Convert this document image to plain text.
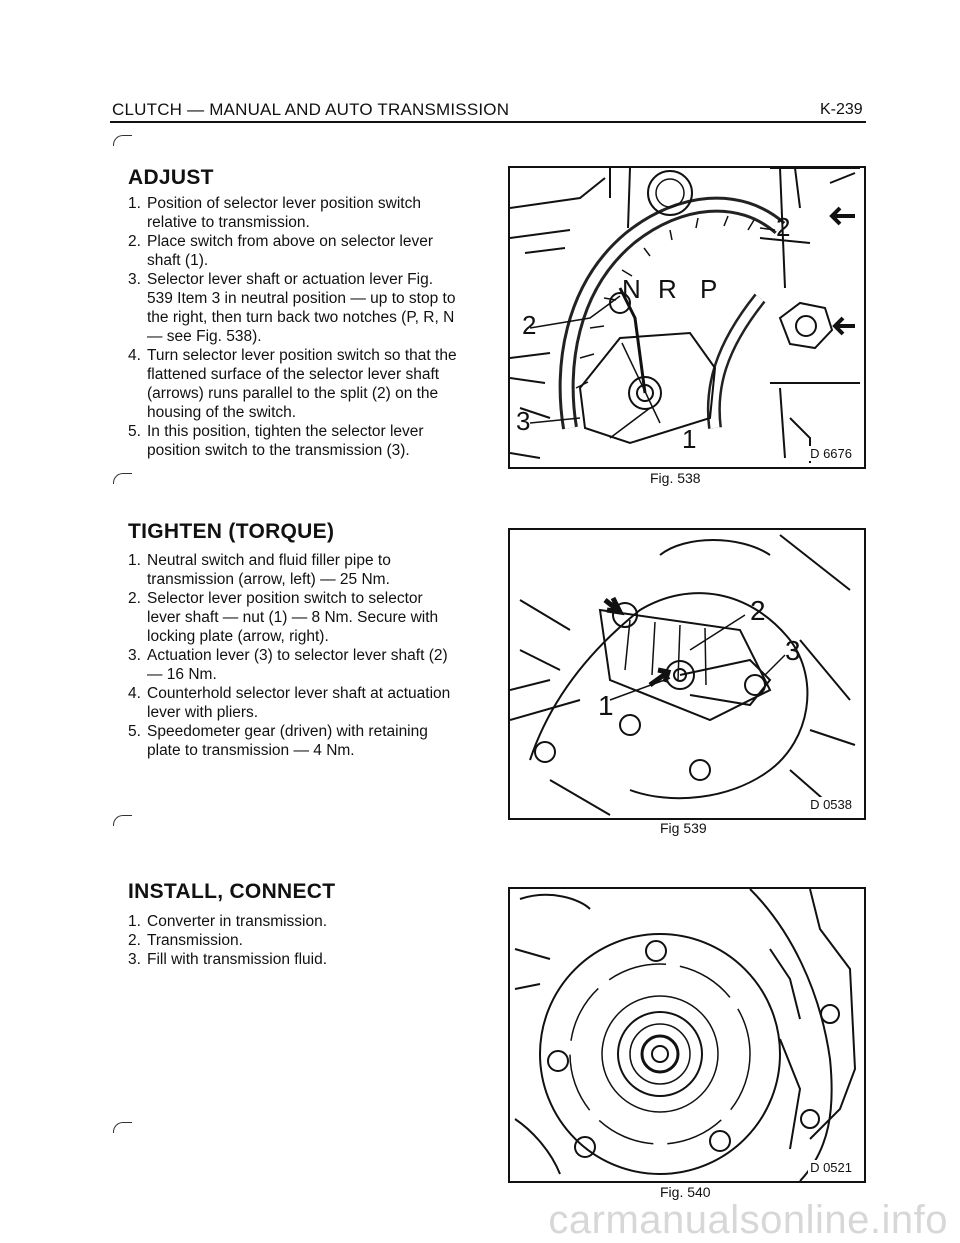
CLUTCH — MANUAL AND AUTO TRANSMISSION	K-239
ADJUST
1. Position of selector lever position switch relative to transmission.
2. Place switch from above on selector lever shaft (1).
3. Selector lever shaft or actuation lever Fig. 539 Item 3 in neutral position — up to stop to the right, then turn back two notches (P, R, N — see Fig. 538).
4. Turn selector lever position switch so that the flattened surface of the selector lever shaft (arrows) runs parallel to the split (2) on the housing of the switch.
5. In this position, tighten the selector lever position switch to the transmission (3).
TIGHTEN (TORQUE)
1. Neutral switch and fluid filler pipe to transmission (arrow, left) — 25 Nm.
2. Selector lever position switch to selector lever shaft — nut (1) — 8 Nm. Secure with locking plate (arrow, right).
3. Actuation lever (3) to selector lever shaft (2) — 16 Nm.
4. Counterhold selector lever shaft at actuation lever with pliers.
5. Speedometer gear (driven) with retaining plate to transmission — 4 Nm.
INSTALL, CONNECT
1. Converter in transmission.
2. Transmission.
3. Fill with transmission fluid.
N R P
1
2
2
3
D 6676
Fig. 538
1
2
3
D 0538
Fig 539
D 0521
Fig. 540
carmanualsonline.info
